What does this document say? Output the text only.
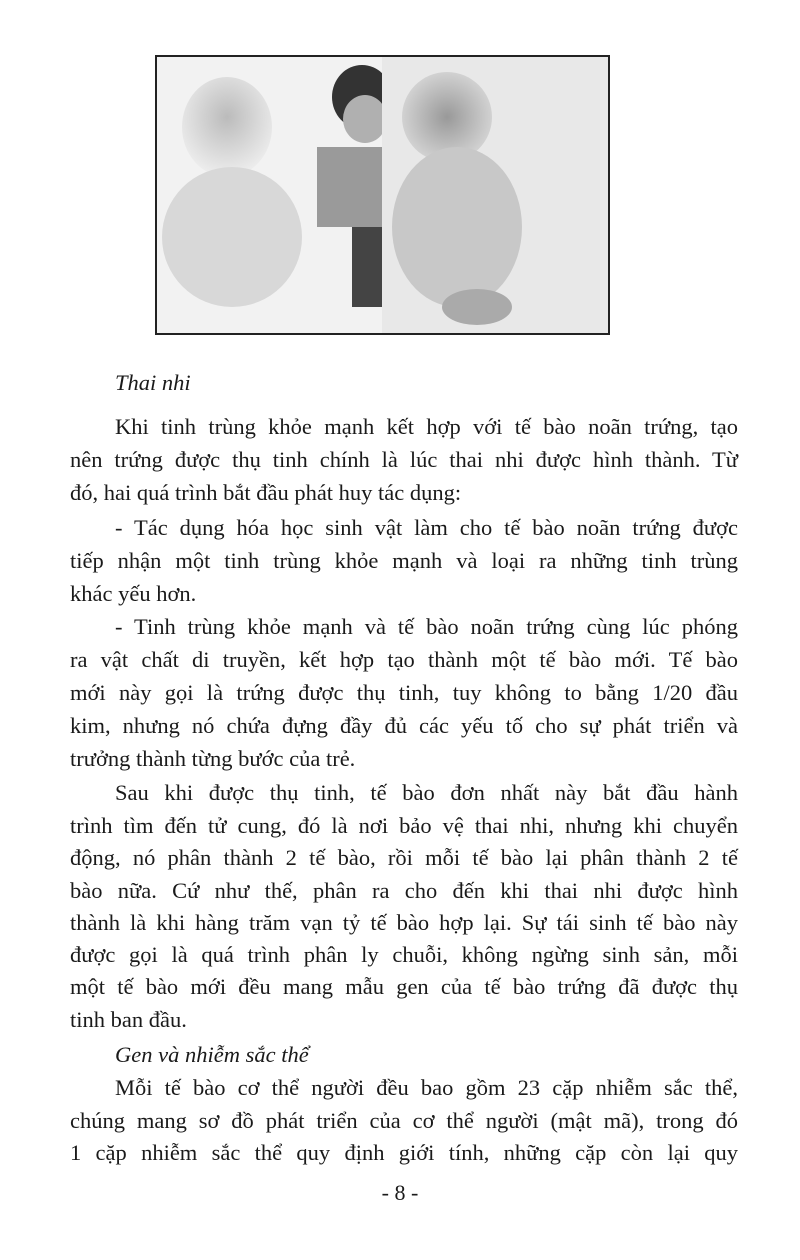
Thai nhi
Khi tinh trùng khỏe mạnh kết hợp với tế bào noãn trứng, tạo
nên trứng được thụ tinh chính là lúc thai nhi được hình thành. Từ
đó, hai quá trình bắt đầu phát huy tác dụng:
- Tác dụng hóa học sinh vật làm cho tế bào noãn trứng được
tiếp nhận một tinh trùng khỏe mạnh và loại ra những tinh trùng
khác yếu hơn.
- Tinh trùng khỏe mạnh và tế bào noãn trứng cùng lúc phóng
ra vật chất di truyền, kết hợp tạo thành một tế bào mới. Tế bào
mới này gọi là trứng được thụ tinh, tuy không to bằng 1/20 đầu
kim, nhưng nó chứa đựng đầy đủ các yếu tố cho sự phát triển và
trưởng thành từng bước của trẻ.
Sau khi được thụ tinh, tế bào đơn nhất này bắt đầu hành
trình tìm đến tử cung, đó là nơi bảo vệ thai nhi, nhưng khi chuyển
động, nó phân thành 2 tế bào, rồi mỗi tế bào lại phân thành 2 tế
bào nữa. Cứ như thế, phân ra cho đến khi thai nhi được hình
thành là khi hàng trăm vạn tỷ tế bào hợp lại. Sự tái sinh tế bào này
được gọi là quá trình phân ly chuỗi, không ngừng sinh sản, mỗi
một tế bào mới đều mang mẫu gen của tế bào trứng đã được thụ
tinh ban đầu.
Gen và nhiễm sắc thể
Mỗi tế bào cơ thể người đều bao gồm 23 cặp nhiễm sắc thể,
chúng mang sơ đồ phát triển của cơ thể người (mật mã), trong đó
1 cặp nhiễm sắc thể quy định giới tính, những cặp còn lại quy
- 8 -
